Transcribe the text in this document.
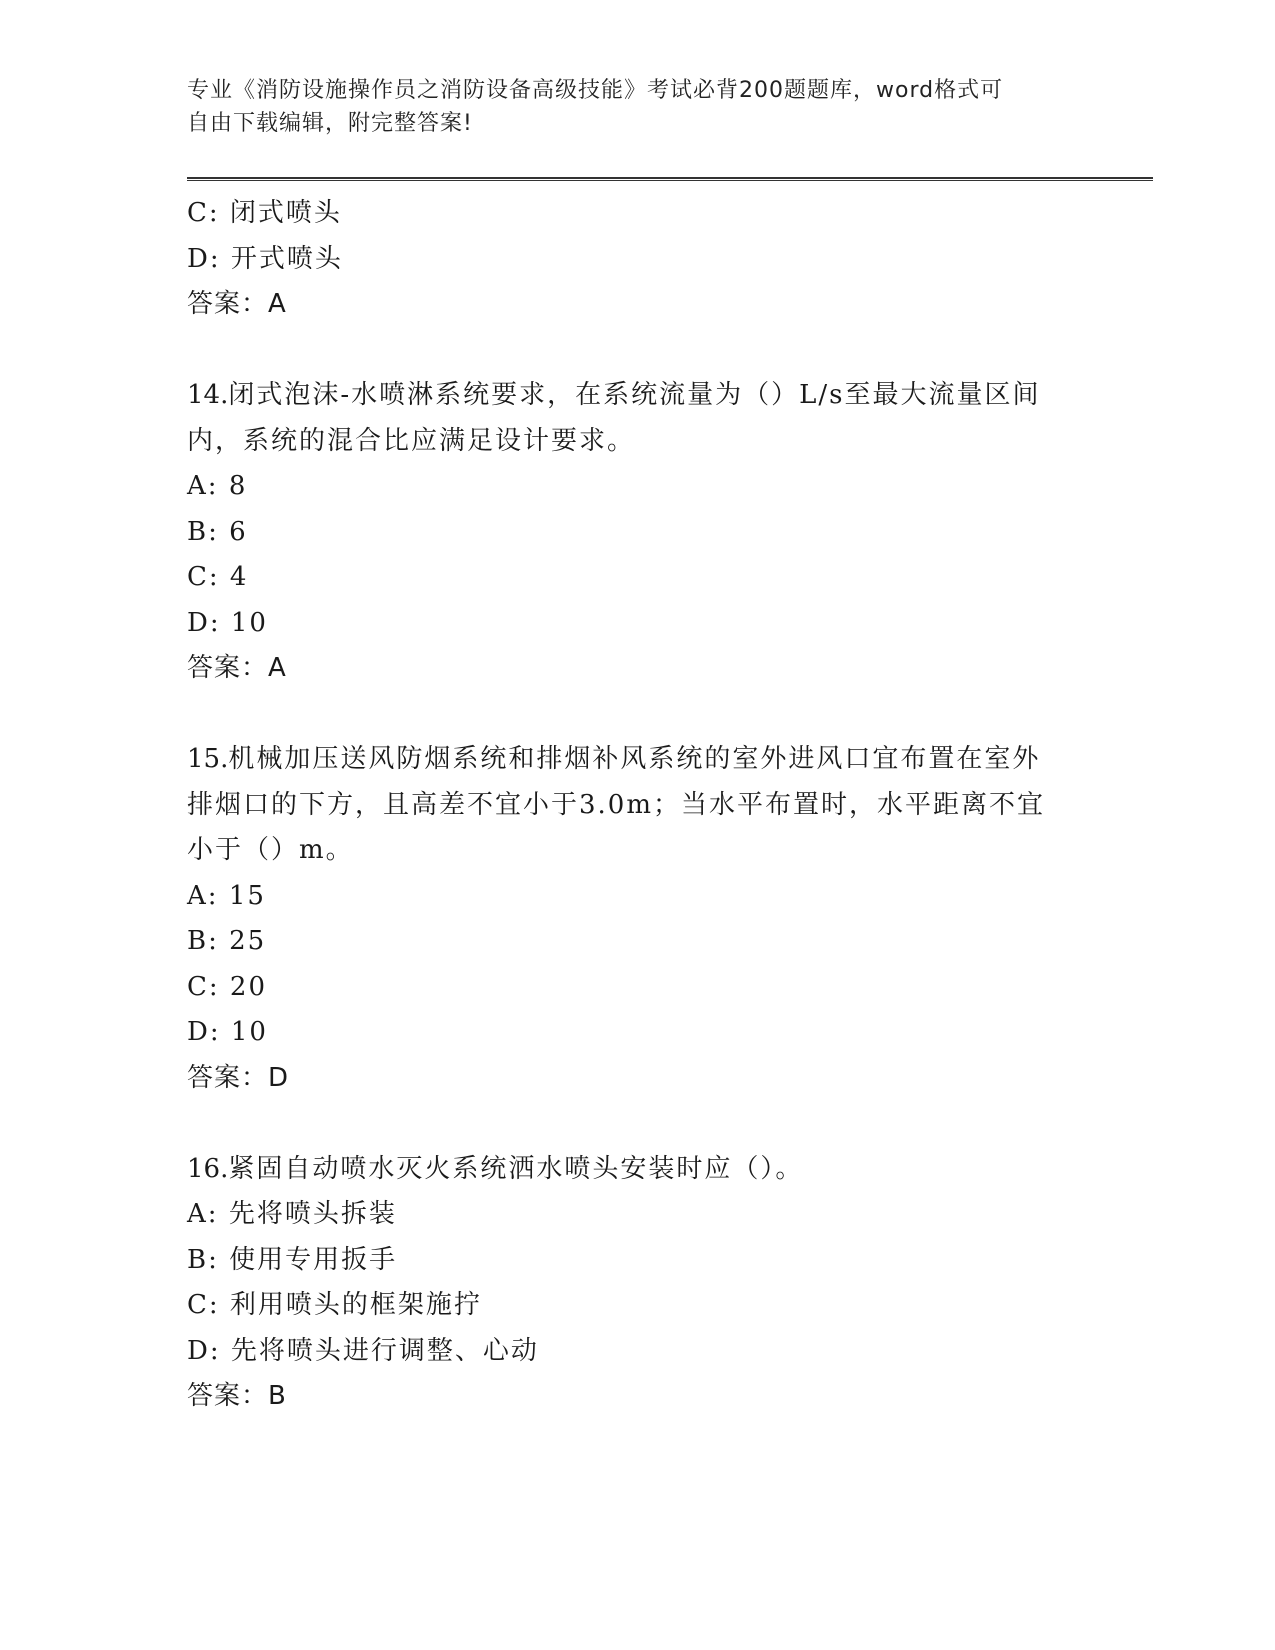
专业《消防设施操作员之消防设备高级技能》考试必背200题题库，word格式可
自由下载编辑，附完整答案!
C: 闭式喷头
D: 开式喷头
答案：A
14.闭式泡沫-水喷淋系统要求，在系统流量为（）L/s至最大流量区间
内，系统的混合比应满足设计要求。
A: 8
B: 6
C: 4
D: 10
答案：A
15.机械加压送风防烟系统和排烟补风系统的室外进风口宜布置在室外
排烟口的下方，且高差不宜小于3.0m；当水平布置时，水平距离不宜
小于（）m。
A: 15
B: 25
C: 20
D: 10
答案：D
16.紧固自动喷水灭火系统洒水喷头安装时应（）。
A: 先将喷头拆装
B: 使用专用扳手
C: 利用喷头的框架施拧
D: 先将喷头进行调整、心动
答案：B
